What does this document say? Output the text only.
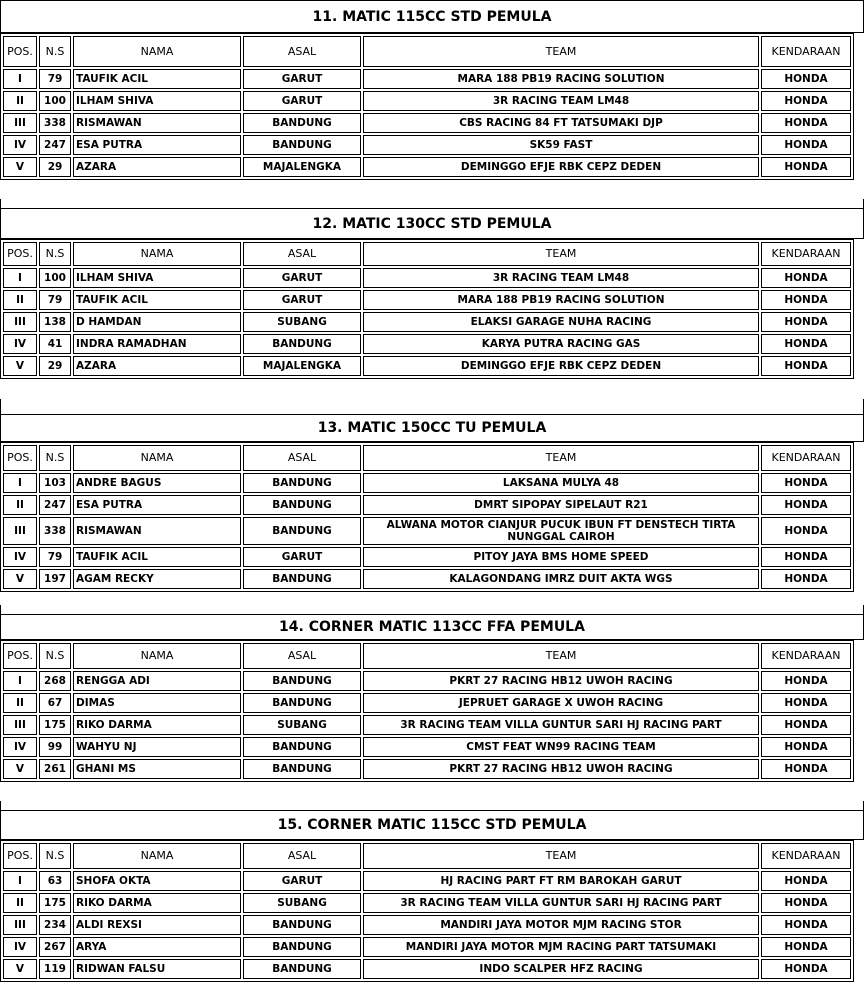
11. MATIC 115CC STD PEMULA
POS.	N.S	NAMA	ASAL	TEAM	KENDARAAN
I	79	TAUFIK ACIL	GARUT	MARA 188 PB19 RACING SOLUTION	HONDA
II	100	ILHAM SHIVA	GARUT	3R RACING TEAM LM48	HONDA
III	338	RISMAWAN	BANDUNG	CBS RACING 84 FT TATSUMAKI DJP	HONDA
IV	247	ESA PUTRA	BANDUNG	SK59 FAST	HONDA
V	29	AZARA	MAJALENGKA	DEMINGGO EFJE RBK CEPZ DEDEN	HONDA
12. MATIC 130CC STD PEMULA
POS.	N.S	NAMA	ASAL	TEAM	KENDARAAN
I	100	ILHAM SHIVA	GARUT	3R RACING TEAM LM48	HONDA
II	79	TAUFIK ACIL	GARUT	MARA 188 PB19 RACING SOLUTION	HONDA
III	138	D HAMDAN	SUBANG	ELAKSI GARAGE NUHA RACING	HONDA
IV	41	INDRA RAMADHAN	BANDUNG	KARYA PUTRA RACING GAS	HONDA
V	29	AZARA	MAJALENGKA	DEMINGGO EFJE RBK CEPZ DEDEN	HONDA
13. MATIC 150CC TU PEMULA
POS.	N.S	NAMA	ASAL	TEAM	KENDARAAN
I	103	ANDRE BAGUS	BANDUNG	LAKSANA MULYA 48	HONDA
II	247	ESA PUTRA	BANDUNG	DMRT SIPOPAY SIPELAUT R21	HONDA
III	338	RISMAWAN	BANDUNG	ALWANA MOTOR CIANJUR PUCUK IBUN FT DENSTECH TIRTA NUNGGAL CAIROH	HONDA
IV	79	TAUFIK ACIL	GARUT	PITOY JAYA BMS HOME SPEED	HONDA
V	197	AGAM RECKY	BANDUNG	KALAGONDANG IMRZ DUIT AKTA WGS	HONDA
14. CORNER MATIC 113CC FFA PEMULA
POS.	N.S	NAMA	ASAL	TEAM	KENDARAAN
I	268	RENGGA ADI	BANDUNG	PKRT 27 RACING HB12 UWOH RACING	HONDA
II	67	DIMAS	BANDUNG	JEPRUET GARAGE X UWOH RACING	HONDA
III	175	RIKO DARMA	SUBANG	3R RACING TEAM VILLA GUNTUR SARI HJ RACING PART	HONDA
IV	99	WAHYU NJ	BANDUNG	CMST FEAT WN99 RACING TEAM	HONDA
V	261	GHANI MS	BANDUNG	PKRT 27 RACING HB12 UWOH RACING	HONDA
15. CORNER MATIC 115CC STD PEMULA
POS.	N.S	NAMA	ASAL	TEAM	KENDARAAN
I	63	SHOFA OKTA	GARUT	HJ RACING PART FT RM BAROKAH GARUT	HONDA
II	175	RIKO DARMA	SUBANG	3R RACING TEAM VILLA GUNTUR SARI HJ RACING PART	HONDA
III	234	ALDI REXSI	BANDUNG	MANDIRI JAYA MOTOR MJM RACING STOR	HONDA
IV	267	ARYA	BANDUNG	MANDIRI JAYA MOTOR MJM RACING PART TATSUMAKI	HONDA
V	119	RIDWAN FALSU	BANDUNG	INDO SCALPER HFZ RACING	HONDA
